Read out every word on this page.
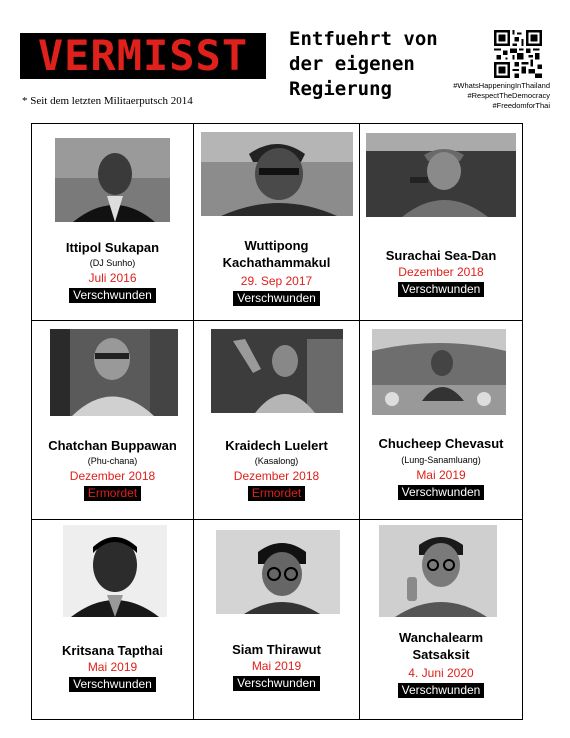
VERMISST
* Seit dem letzten Militaerputsch 2014
Entfuehrt von
der eigenen
Regierung	#WhatsHappeningInThailand
#RespectTheDemocracy
#FreedomforThai
Ittipol Sukapan
(DJ Sunho)
Juli 2016
Verschwunden
Wuttipong
Kachathammakul
29. Sep 2017
Verschwunden
Surachai Sea-Dan
Dezember 2018
Verschwunden
Chatchan Buppawan
(Phu-chana)
Dezember 2018
Ermordet
Kraidech Luelert
(Kasalong)
Dezember 2018
Ermordet
Chucheep Chevasut
(Lung-Sanamluang)
Mai 2019
Verschwunden
Kritsana Tapthai
Mai 2019
Verschwunden
Siam Thirawut
Mai 2019
Verschwunden
Wanchalearm
Satsaksit
4. Juni 2020
Verschwunden
